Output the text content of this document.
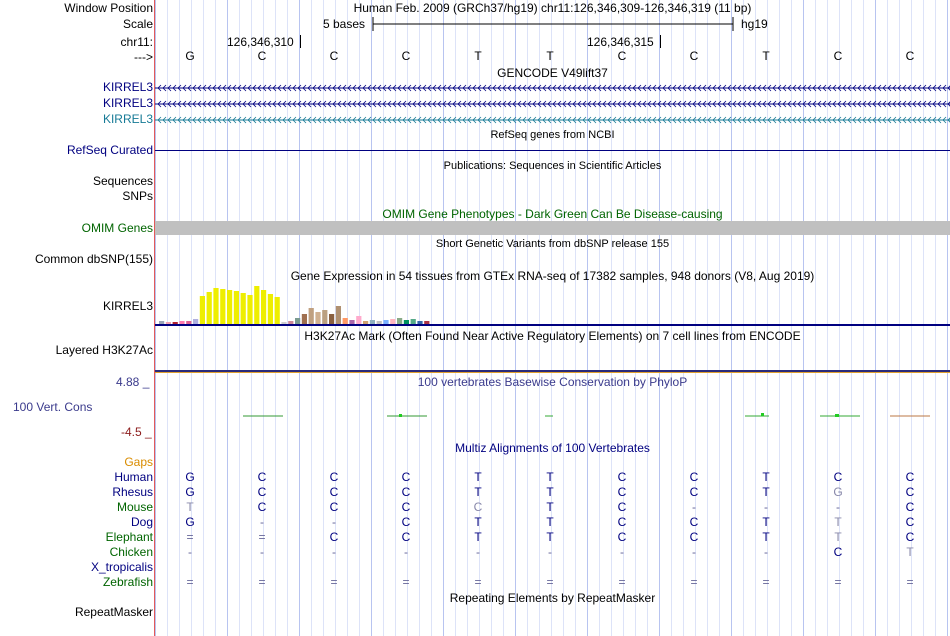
Window Position	Human Feb. 2009 (GRCh37/hg19) chr11:126,346,309-126,346,319 (11 bp)
Scale	5 bases	hg19
chr11:	126,346,310	126,346,315
--->	G	C	C	C	T	T	C	C	T	C	C
GENCODE V49lift37
KIRREL3
KIRREL3
KIRREL3
RefSeq genes from NCBI
RefSeq Curated
Publications: Sequences in Scientific Articles
Sequences
SNPs
OMIM Gene Phenotypes - Dark Green Can Be Disease-causing
OMIM Genes
Short Genetic Variants from dbSNP release 155
Common dbSNP(155)
Gene Expression in 54 tissues from GTEx RNA-seq of 17382 samples, 948 donors (V8, Aug 2019)
KIRREL3
H3K27Ac Mark (Often Found Near Active Regulatory Elements) on 7 cell lines from ENCODE
Layered H3K27Ac
4.88 _	100 vertebrates Basewise Conservation by PhyloP
100 Vert. Cons
-4.5 _
Multiz Alignments of 100 Vertebrates
Gaps
Human	G	C	C	C	T	T	C	C	T	C	C
Rhesus	G	C	C	C	T	T	C	C	T	G	C
Mouse	T	C	C	C	C	T	C	-	-	-	C
Dog	G	-	-	C	T	T	C	C	T	T	C
Elephant	=	=	C	C	T	T	C	C	T	T	C
Chicken	-	-	-	-	-	-	-	-	-	C	T
X_tropicalis
Zebrafish	=	=	=	=	=	=	=	=	=	=	=
Repeating Elements by RepeatMasker
RepeatMasker
